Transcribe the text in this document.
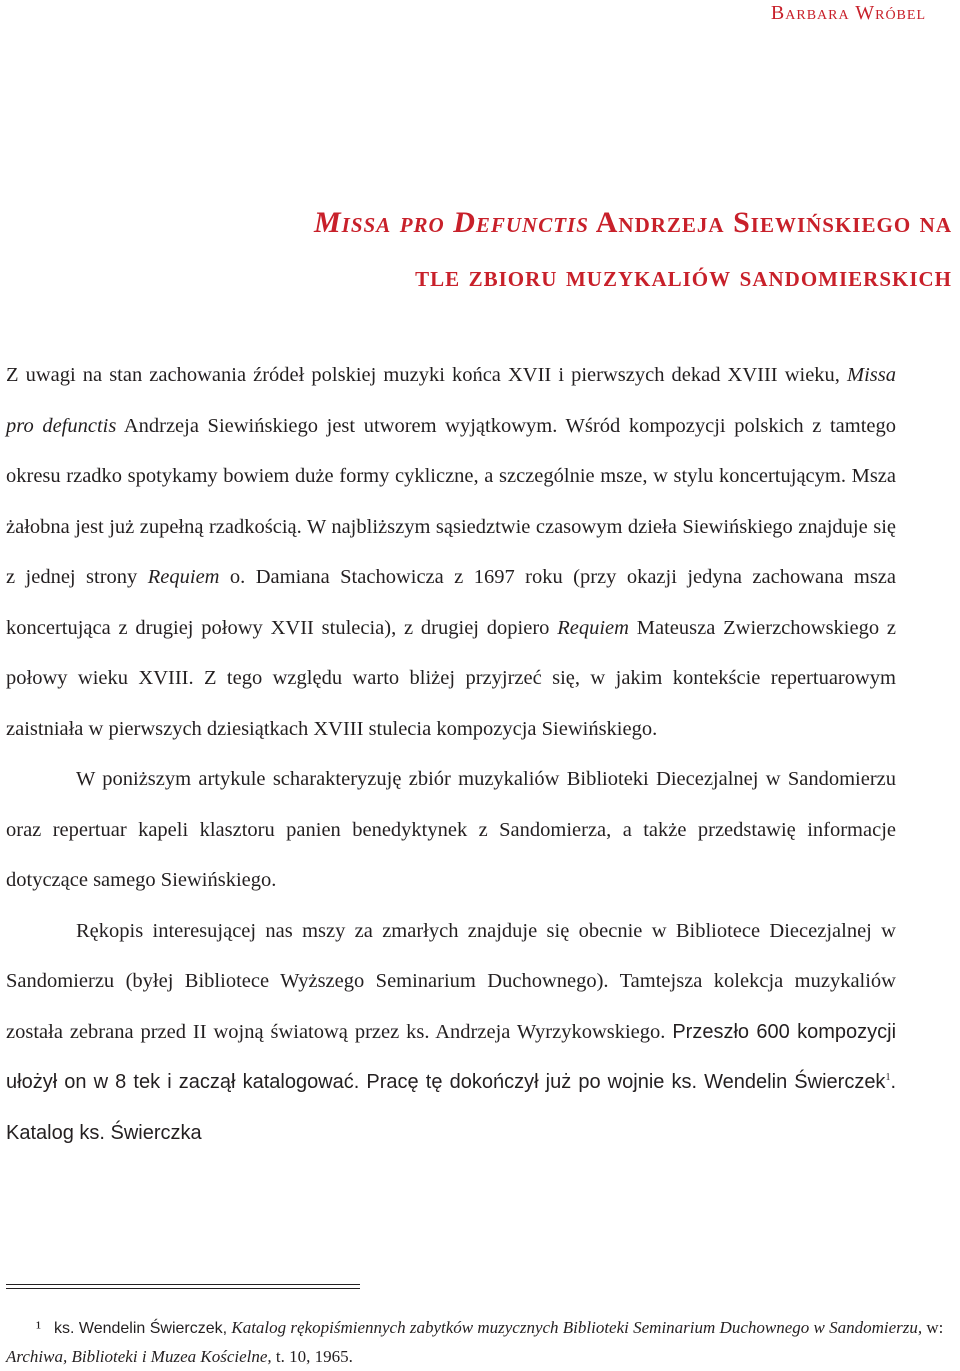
Barbara Wróbel
Missa pro Defunctis Andrzeja Siewińskiego na
tle zbioru muzykaliów sandomierskich

Z uwagi na stan zachowania źródeł polskiej muzyki końca XVII i pierwszych dekad XVIII wieku, Missa pro defunctis Andrzeja Siewińskiego jest utworem wyjątkowym. Wśród kompozycji polskich z tamtego okresu rzadko spotykamy bowiem duże formy cykliczne, a szczególnie msze, w stylu koncertującym. Msza żałobna jest już zupełną rzadkością. W najbliższym sąsiedztwie czasowym dzieła Siewińskiego znajduje się z jednej strony Requiem o. Damiana Stachowicza z 1697 roku (przy okazji jedyna zachowana msza koncertująca z drugiej połowy XVII stulecia), z drugiej dopiero Requiem Mateusza Zwierzchowskiego z połowy wieku XVIII. Z tego względu warto bliżej przyjrzeć się, w jakim kontekście repertuarowym zaistniała w pierwszych dziesiątkach XVIII stulecia kompozycja Siewińskiego.

W poniższym artykule scharakteryzuję zbiór muzykaliów Biblioteki Diecezjalnej w Sandomierzu oraz repertuar kapeli klasztoru panien benedyktynek z Sandomierza, a także przedstawię informacje dotyczące samego Siewińskiego.

Rękopis interesującej nas mszy za zmarłych znajduje się obecnie w Bibliotece Diecezjalnej w Sandomierzu (byłej Bibliotece Wyższego Seminarium Duchownego). Tamtejsza kolekcja muzykaliów została zebrana przed II wojną światową przez ks. Andrzeja Wyrzykowskiego. Przeszło 600 kompozycji ułożył on w 8 tek i zaczął katalogować. Pracę tę dokończył już po wojnie ks. Wendelin Świerczek$^1$. Katalog ks. Świerczka

¹ ks. Wendelin Świerczek, Katalog rękopiśmiennych zabytków muzycznych Biblioteki Seminarium Duchownego w Sandomierzu, w: Archiwa, Biblioteki i Muzea Kościelne, t. 10, 1965.
